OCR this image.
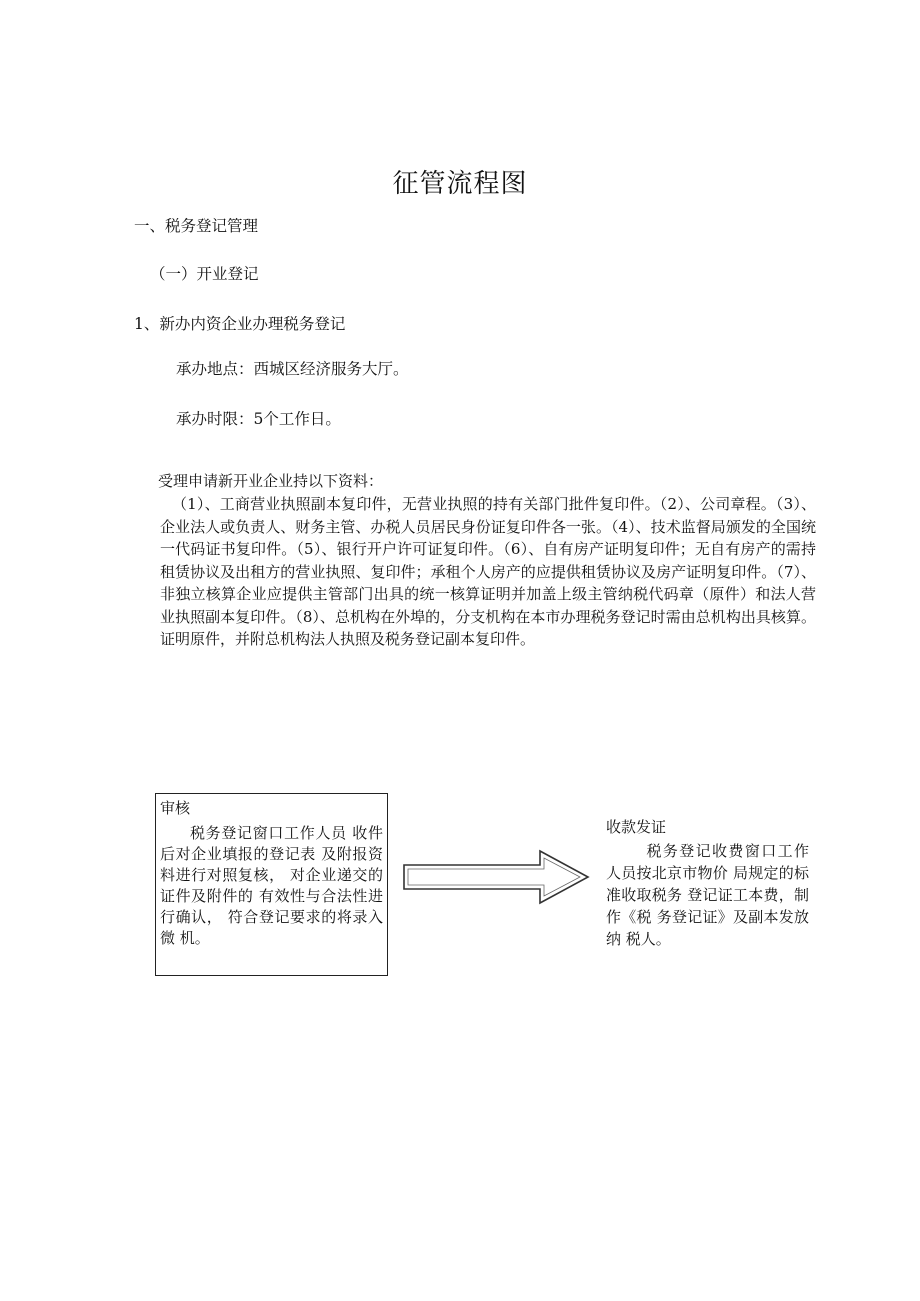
征管流程图
一、税务登记管理
（一）开业登记
1、新办内资企业办理税务登记
承办地点：西城区经济服务大厅。
承办时限：5个工作日。
受理申请新开业企业持以下资料：
（1）、工商营业执照副本复印件，无营业执照的持有关部门批件复印件。（2）、公司章程。（3）、企业法人或负责人、财务主管、办税人员居民身份证复印件各一张。（4）、技术监督局颁发的全国统一代码证书复印件。（5）、银行开户许可证复印件。（6）、自有房产证明复印件；无自有房产的需持租赁协议及出租方的营业执照、复印件；承租个人房产的应提供租赁协议及房产证明复印件。（7）、非独立核算企业应提供主管部门出具的统一核算证明并加盖上级主管纳税代码章（原件）和法人营业执照副本复印件。（8）、总机构在外埠的，分支机构在本市办理税务登记时需由总机构出具核算。证明原件，并附总机构法人执照及税务登记副本复印件。
审核
税务登记窗口工作人员 收件后对企业填报的登记表 及附报资料进行对照复核， 对企业递交的证件及附件的 有效性与合法性进行确认， 符合登记要求的将录入微 机。
收款发证
税务登记收费窗口工作人员按北京市物价 局规定的标准收取税务 登记证工本费，制作《税 务登记证》及副本发放纳 税人。
